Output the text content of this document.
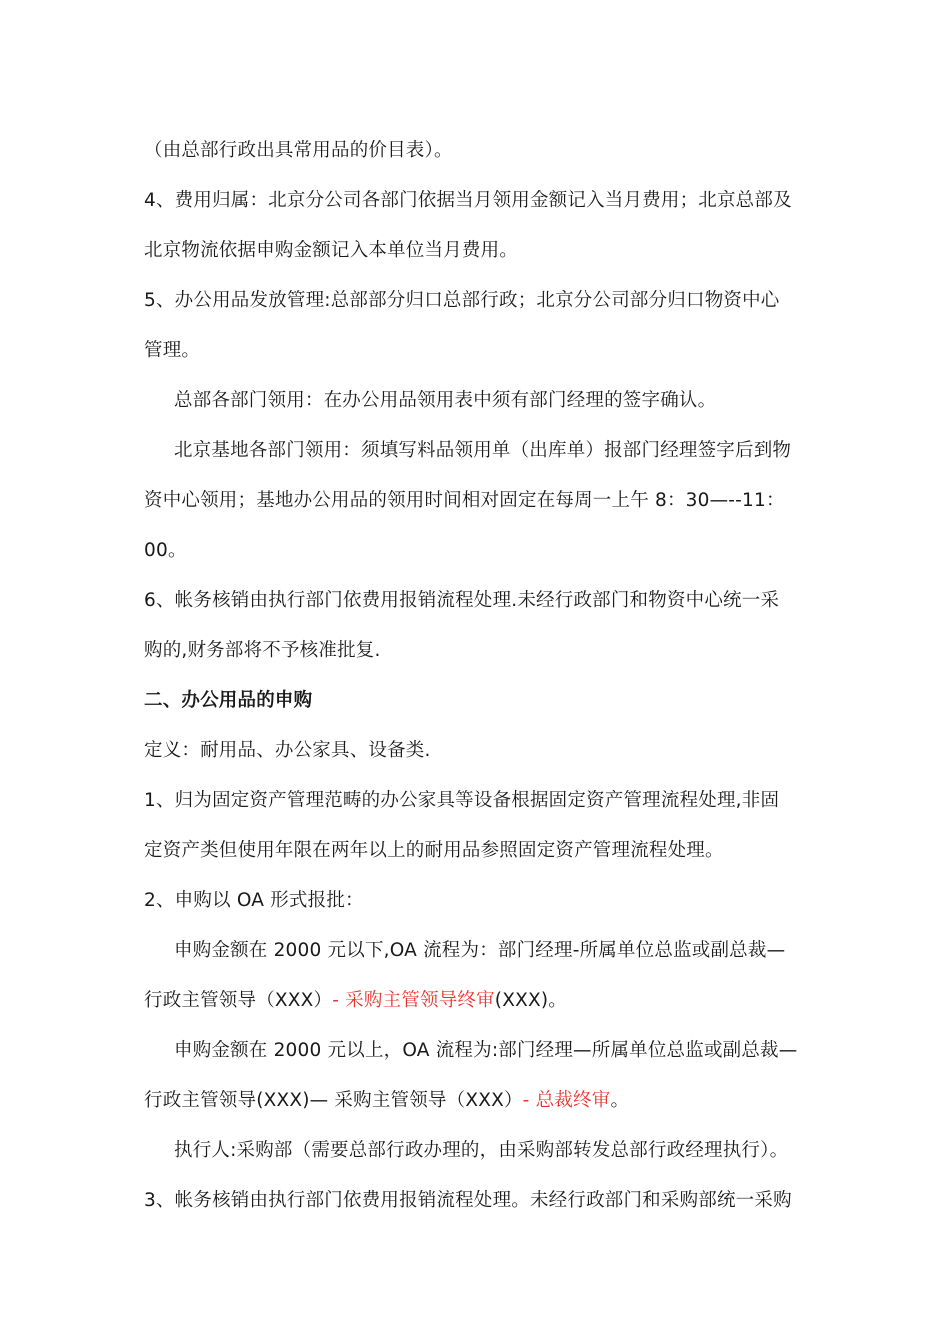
（由总部行政出具常用品的价目表）。
4、费用归属：北京分公司各部门依据当月领用金额记入当月费用；北京总部及
北京物流依据申购金额记入本单位当月费用。
5、办公用品发放管理:总部部分归口总部行政；北京分公司部分归口物资中心
管理。
总部各部门领用：在办公用品领用表中须有部门经理的签字确认。
北京基地各部门领用：须填写料品领用单（出库单）报部门经理签字后到物
资中心领用；基地办公用品的领用时间相对固定在每周一上午 8：30—--11：
00。
6、帐务核销由执行部门依费用报销流程处理.未经行政部门和物资中心统一采
购的,财务部将不予核准批复.
二、办公用品的申购
定义：耐用品、办公家具、设备类.
1、归为固定资产管理范畴的办公家具等设备根据固定资产管理流程处理,非固
定资产类但使用年限在两年以上的耐用品参照固定资产管理流程处理。
2、申购以 OA 形式报批：
申购金额在 2000 元以下,OA 流程为：部门经理-所属单位总监或副总裁—
行政主管领导（XXX）- 采购主管领导终审(XXX)。
申购金额在 2000 元以上，OA 流程为:部门经理—所属单位总监或副总裁—
行政主管领导(XXX)— 采购主管领导（XXX）- 总裁终审。
执行人:采购部（需要总部行政办理的，由采购部转发总部行政经理执行）。
3、帐务核销由执行部门依费用报销流程处理。未经行政部门和采购部统一采购
